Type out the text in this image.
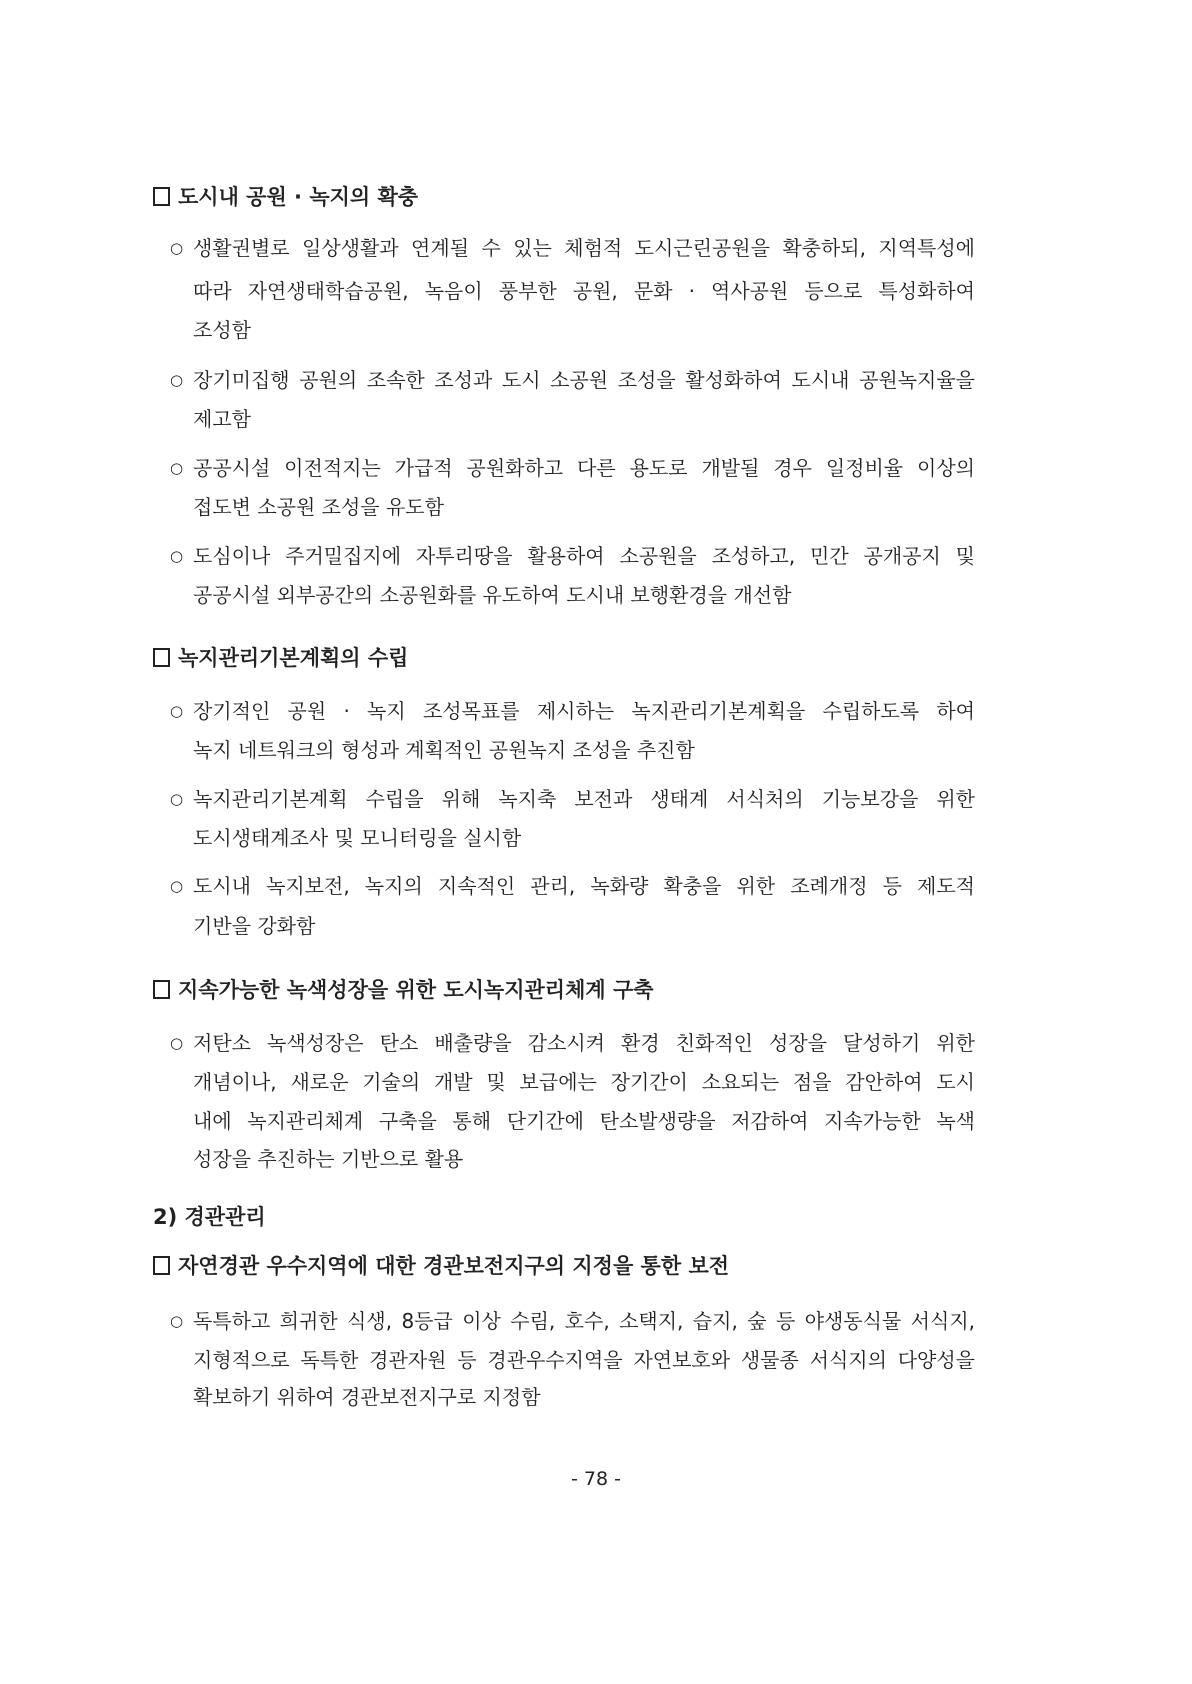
도시내 공원 · 녹지의 확충
○ 생활권별로 일상생활과 연계될 수 있는 체험적 도시근린공원을 확충하되, 지역특성에
따라 자연생태학습공원, 녹음이 풍부한 공원, 문화 · 역사공원 등으로 특성화하여
조성함
○ 장기미집행 공원의 조속한 조성과 도시 소공원 조성을 활성화하여 도시내 공원녹지율을
제고함
○ 공공시설 이전적지는 가급적 공원화하고 다른 용도로 개발될 경우 일정비율 이상의
접도변 소공원 조성을 유도함
○ 도심이나 주거밀집지에 자투리땅을 활용하여 소공원을 조성하고, 민간 공개공지 및
공공시설 외부공간의 소공원화를 유도하여 도시내 보행환경을 개선함
녹지관리기본계획의 수립
○ 장기적인 공원 · 녹지 조성목표를 제시하는 녹지관리기본계획을 수립하도록 하여
녹지 네트워크의 형성과 계획적인 공원녹지 조성을 추진함
○ 녹지관리기본계획 수립을 위해 녹지축 보전과 생태계 서식처의 기능보강을 위한
도시생태계조사 및 모니터링을 실시함
○ 도시내 녹지보전, 녹지의 지속적인 관리, 녹화량 확충을 위한 조례개정 등 제도적
기반을 강화함
지속가능한 녹색성장을 위한 도시녹지관리체계 구축
○ 저탄소 녹색성장은 탄소 배출량을 감소시켜 환경 친화적인 성장을 달성하기 위한
개념이나, 새로운 기술의 개발 및 보급에는 장기간이 소요되는 점을 감안하여 도시
내에 녹지관리체계 구축을 통해 단기간에 탄소발생량을 저감하여 지속가능한 녹색
성장을 추진하는 기반으로 활용
2) 경관관리
자연경관 우수지역에 대한 경관보전지구의 지정을 통한 보전
○ 독특하고 희귀한 식생, 8등급 이상 수림, 호수, 소택지, 습지, 숲 등 야생동식물 서식지,
지형적으로 독특한 경관자원 등 경관우수지역을 자연보호와 생물종 서식지의 다양성을
확보하기 위하여 경관보전지구로 지정함
- 78 -
